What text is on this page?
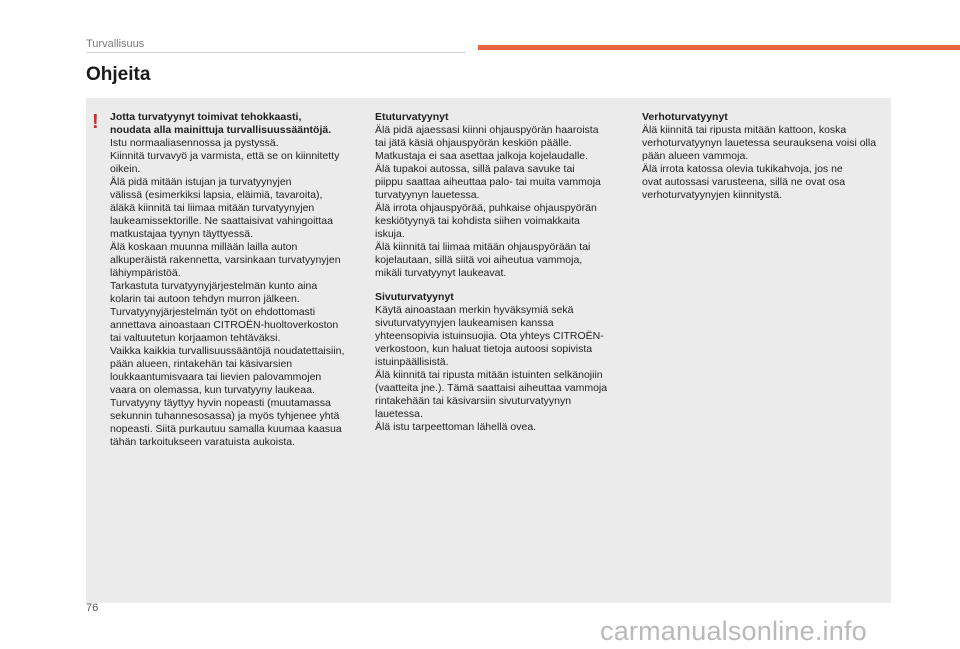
Turvallisuus
Ohjeita
! Jotta turvatyynyt toimivat tehokkaasti,

noudata alla mainittuja turvallisuussääntöjä.

Istu normaaliasennossa ja pystyssä.

Kiinnitä turvavyö ja varmista, että se on kiinnitetty

oikein.

Älä pidä mitään istujan ja turvatyynyjen

välissä (esimerkiksi lapsia, eläimiä, tavaroita),

äläkä kiinnitä tai liimaa mitään turvatyynyjen

laukeamissektorille. Ne saattaisivat vahingoittaa

matkustajaa tyynyn täyttyessä.

Älä koskaan muunna millään lailla auton

alkuperäistä rakennetta, varsinkaan turvatyynyjen

lähiympäristöä.

Tarkastuta turvatyynyjärjestelmän kunto aina

kolarin tai autoon tehdyn murron jälkeen.

Turvatyynyjärjestelmän työt on ehdottomasti

annettava ainoastaan CITROËN-huoltoverkoston

tai valtuutetun korjaamon tehtäväksi.

Vaikka kaikkia turvallisuussääntöjä noudatettaisiin,

pään alueen, rintakehän tai käsivarsien

loukkaantumisvaara tai lievien palovammojen

vaara on olemassa, kun turvatyyny laukeaa.

Turvatyyny täyttyy hyvin nopeasti (muutamassa

sekunnin tuhannesosassa) ja myös tyhjenee yhtä

nopeasti. Siitä purkautuu samalla kuumaa kaasua

tähän tarkoitukseen varatuista aukoista.

Etuturvatyynyt

Älä pidä ajaessasi kiinni ohjauspyörän haaroista

tai jätä käsiä ohjauspyörän keskiön päälle.

Matkustaja ei saa asettaa jalkoja kojelaudalle.

Älä tupakoi autossa, sillä palava savuke tai

piippu saattaa aiheuttaa palo- tai muita vammoja

turvatyynyn lauetessa.

Älä irrota ohjauspyörää, puhkaise ohjauspyörän

keskiötyynyä tai kohdista siihen voimakkaita

iskuja.

Älä kiinnitä tai liimaa mitään ohjauspyörään tai

kojelautaan, sillä siitä voi aiheutua vammoja,

mikäli turvatyynyt laukeavat.

Sivuturvatyynyt

Käytä ainoastaan merkin hyväksymiä sekä

sivuturvatyynyjen laukeamisen kanssa

yhteensopivia istuinsuojia. Ota yhteys CITROËN-

verkostoon, kun haluat tietoja autoosi sopivista

istuinpäällisistä.

Älä kiinnitä tai ripusta mitään istuinten selkänojiin

(vaatteita jne.). Tämä saattaisi aiheuttaa vammoja

rintakehään tai käsivarsiin sivuturvatyynyn

lauetessa.

Älä istu tarpeettoman lähellä ovea.

Verhoturvatyynyt

Älä kiinnitä tai ripusta mitään kattoon, koska

verhoturvatyynyn lauetessa seurauksena voisi olla

pään alueen vammoja.

Älä irrota katossa olevia tukikahvoja, jos ne

ovat autossasi varusteena, sillä ne ovat osa

verhoturvatyynyjen kiinnitystä.

76
carmanualsonline.info
